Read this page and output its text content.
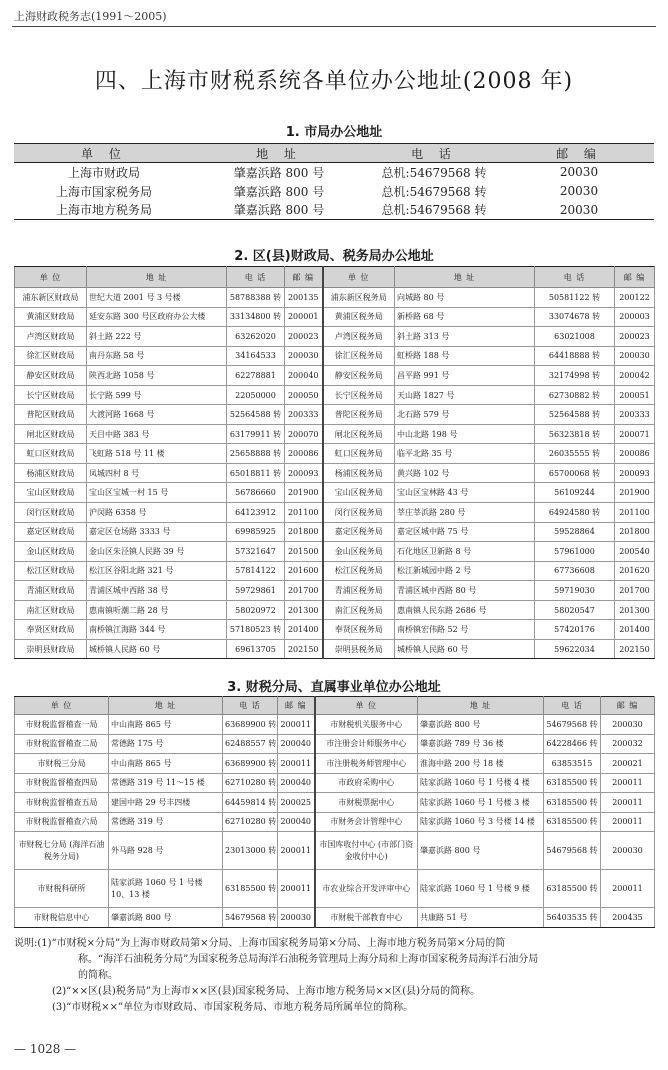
上海财政税务志(1991～2005)
四、上海市财税系统各单位办公地址(2008 年)
1. 市局办公地址
单 位	地 址	电 话	邮 编
上海市财政局	肇嘉浜路 800 号	总机:54679568 转	20030
上海市国家税务局	肇嘉浜路 800 号	总机:54679568 转	20030
上海市地方税务局	肇嘉浜路 800 号	总机:54679568 转	20030
2. 区(县)财政局、税务局办公地址
单 位	地 址	电 话	邮 编	单 位	地 址	电 话	邮 编
浦东新区财政局	世纪大道 2001 号 3 号楼	58788388 转	200135	浦东新区税务局	向城路 80 号	50581122 转	200122
黄浦区财政局	延安东路 300 号区政府办公大楼	33134800 转	200001	黄浦区税务局	新桥路 68 号	33074678 转	200003
卢湾区财政局	斜土路 222 号	63262020	200023	卢湾区税务局	斜土路 313 号	63021008	200023
徐汇区财政局	南丹东路 58 号	34164533	200030	徐汇区税务局	虹桥路 188 号	64418888 转	200030
静安区财政局	陕西北路 1058 号	62278881	200040	静安区税务局	昌平路 991 号	32174998 转	200042
长宁区财政局	长宁路 599 号	22050000	200050	长宁区税务局	天山路 1827 号	62730882 转	200051
普陀区财政局	大渡河路 1668 号	52564588 转	200333	普陀区税务局	北石路 579 号	52564588 转	200333
闸北区财政局	天目中路 383 号	63179911 转	200070	闸北区税务局	中山北路 198 号	56323818 转	200071
虹口区财政局	飞虹路 518 号 11 楼	25658888 转	200086	虹口区税务局	临平北路 35 号	26035555 转	200086
杨浦区财政局	凤城四村 8 号	65018811 转	200093	杨浦区税务局	黄兴路 102 号	65700068 转	200093
宝山区财政局	宝山区宝城一村 15 号	56786660	201900	宝山区税务局	宝山区宝林路 43 号	56109244	201900
闵行区财政局	沪闵路 6358 号	64123912	201100	闵行区税务局	莘庄莘浜路 280 号	64924580 转	201100
嘉定区财政局	嘉定区仓场路 3333 号	69985925	201800	嘉定区税务局	嘉定区城中路 75 号	59528864	201800
金山区财政局	金山区朱泾镇人民路 39 号	57321647	201500	金山区税务局	石化地区卫新路 8 号	57961000	200540
松江区财政局	松江区谷阳北路 321 号	57814122	201600	松江区税务局	松江新城园中路 2 号	67736608	201620
青浦区财政局	青浦区城中西路 38 号	59729861	201700	青浦区税务局	青浦区城中西路 80 号	59719030	201700
南汇区财政局	惠南镇听潮二路 28 号	58020972	201300	南汇区税务局	惠南镇人民东路 2686 号	58020547	201300
奉贤区财政局	南桥镇江海路 344 号	57180523 转	201400	奉贤区税务局	南桥镇宏伟路 52 号	57420176	201400
崇明县财政局	城桥镇人民路 60 号	69613705	202150	崇明县税务局	城桥镇人民路 60 号	59622034	202150
3. 财税分局、直属事业单位办公地址
单 位	地 址	电 话	邮 编	单 位	地 址	电 话	邮 编
市财税监督稽查一局	中山南路 865 号	63689900 转	200011	市财税机关服务中心	肇嘉浜路 800 号	54679568 转	200030
市财税监督稽查二局	常德路 175 号	62488557 转	200040	市注册会计师服务中心	肇嘉浜路 789 号 36 楼	64228466 转	200032
市财税三分局	中山南路 865 号	63689900 转	200011	市注册税务师管理中心	淮海中路 200 号 18 楼	63853515	200021
市财税监督稽查四局	常德路 319 号 11～15 楼	62710280 转	200040	市政府采购中心	陆家浜路 1060 号 1 号楼 4 楼	63185500 转	200011
市财税监督稽查五局	建国中路 29 号丰四楼	64459814 转	200025	市财税票据中心	陆家浜路 1060 号 1 号楼 3 楼	63185500 转	200011
市财税监督稽查六局	常德路 319 号	62710280 转	200040	市财务会计管理中心	陆家浜路 1060 号 3 号楼 14 楼	63185500 转	200011
市财税七分局 (海洋石油税务分局)	外马路 928 号	23013000 转	200011	市国库收付中心 (市部门资金收付中心)	肇嘉浜路 800 号	54679568 转	200030
市财税科研所	陆家浜路 1060 号 1 号楼 10、13 楼	63185500 转	200011	市农业综合开发评审中心	陆家浜路 1060 号 1 号楼 9 楼	63185500 转	200011
市财税信息中心	肇嘉浜路 800 号	54679568 转	200030	市财税干部教育中心	共康路 51 号	56403535 转	200435
说明:(1)“市财税×分局”为上海市财政局第×分局、上海市国家税务局第×分局、上海市地方税务局第×分局的简
称。“海洋石油税务分局”为国家税务总局海洋石油税务管理局上海分局和上海市国家税务局海洋石油分局
的简称。
(2)“××区(县)税务局”为上海市××区(县)国家税务局、上海市地方税务局××区(县)分局的简称。
(3)“市财税××”单位为市财政局、市国家税务局、市地方税务局所属单位的简称。
— 1028 —
